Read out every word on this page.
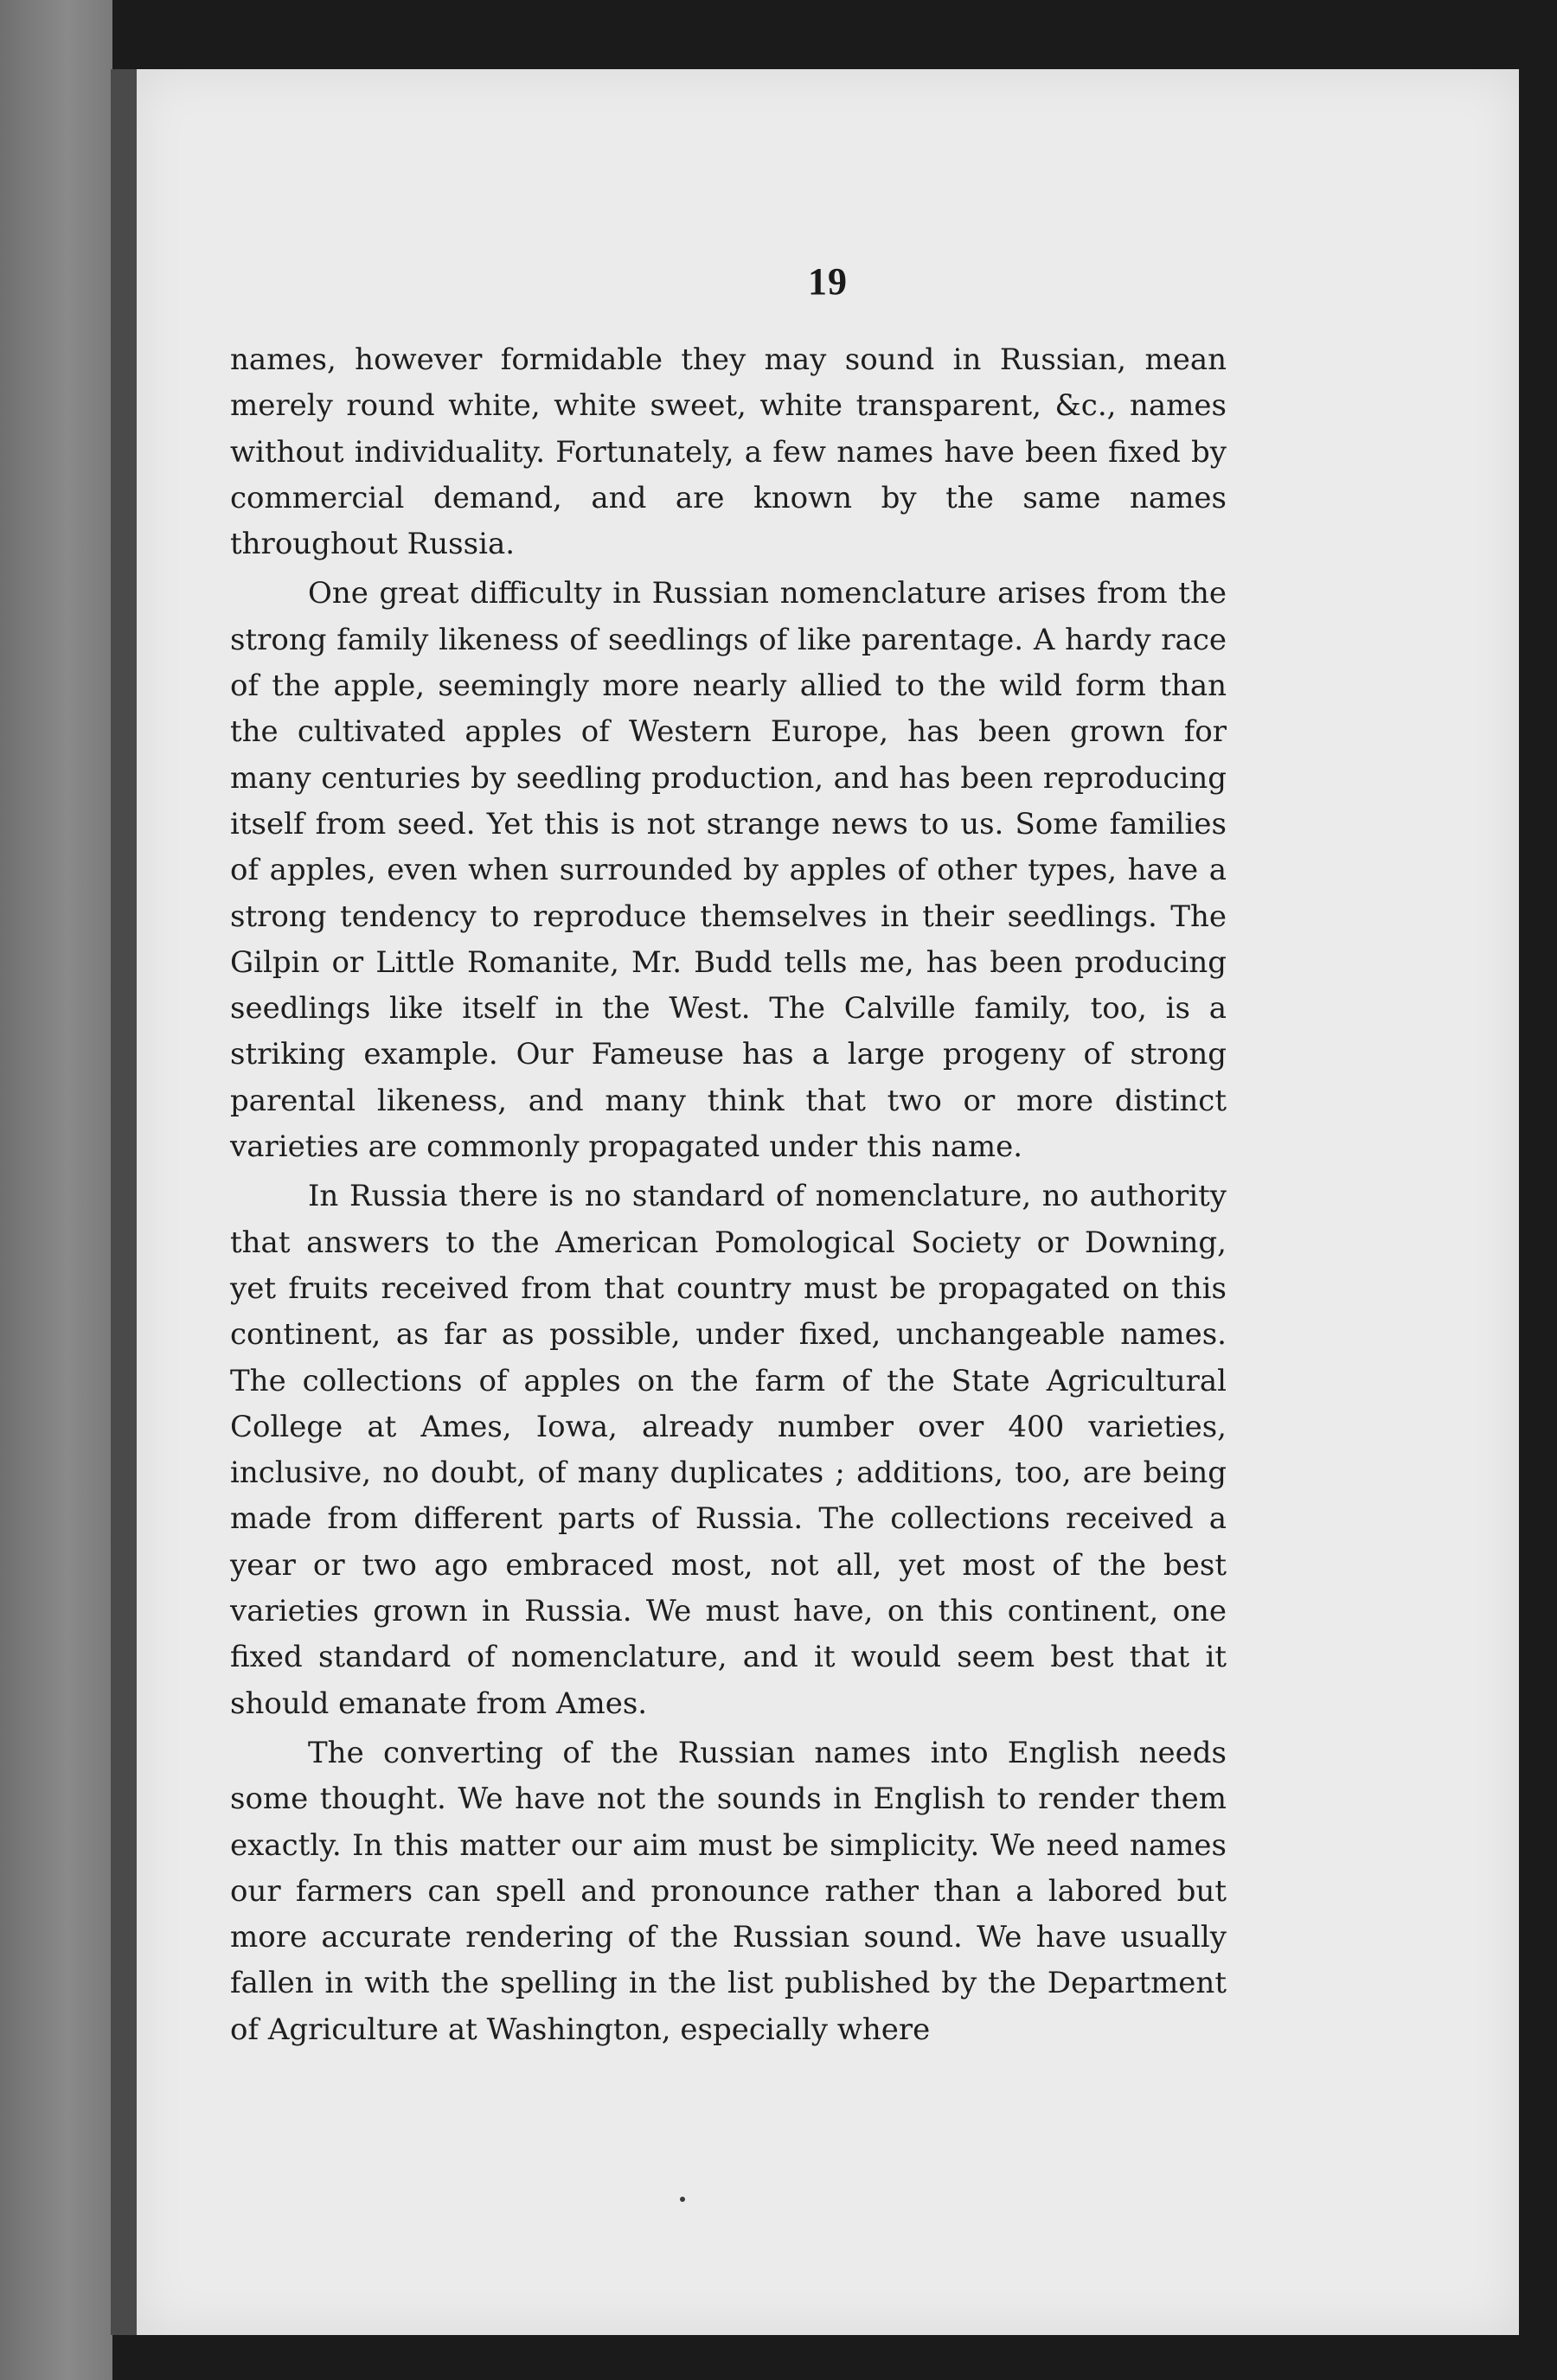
19

names, however formidable they may sound in Russian, mean merely round white, white sweet, white transparent, &c., names without individuality. Fortunately, a few names have been fixed by commercial demand, and are known by the same names throughout Russia.

One great difficulty in Russian nomenclature arises from the strong family likeness of seedlings of like parentage. A hardy race of the apple, seemingly more nearly allied to the wild form than the cultivated apples of Western Europe, has been grown for many centuries by seedling production, and has been reproducing itself from seed. Yet this is not strange news to us. Some families of apples, even when surrounded by apples of other types, have a strong tendency to reproduce themselves in their seedlings. The Gilpin or Little Romanite, Mr. Budd tells me, has been producing seedlings like itself in the West. The Calville family, too, is a striking example. Our Fameuse has a large progeny of strong parental likeness, and many think that two or more distinct varieties are commonly propagated under this name.

In Russia there is no standard of nomenclature, no authority that answers to the American Pomological Society or Downing, yet fruits received from that country must be propagated on this continent, as far as possible, under fixed, unchangeable names. The collections of apples on the farm of the State Agricultural College at Ames, Iowa, already number over 400 varieties, inclusive, no doubt, of many duplicates ; additions, too, are being made from different parts of Russia. The collections received a year or two ago embraced most, not all, yet most of the best varieties grown in Russia. We must have, on this continent, one fixed standard of nomenclature, and it would seem best that it should emanate from Ames.

The converting of the Russian names into English needs some thought. We have not the sounds in English to render them exactly. In this matter our aim must be simplicity. We need names our farmers can spell and pronounce rather than a labored but more accurate rendering of the Russian sound. We have usually fallen in with the spelling in the list published by the Department of Agriculture at Washington, especially where
